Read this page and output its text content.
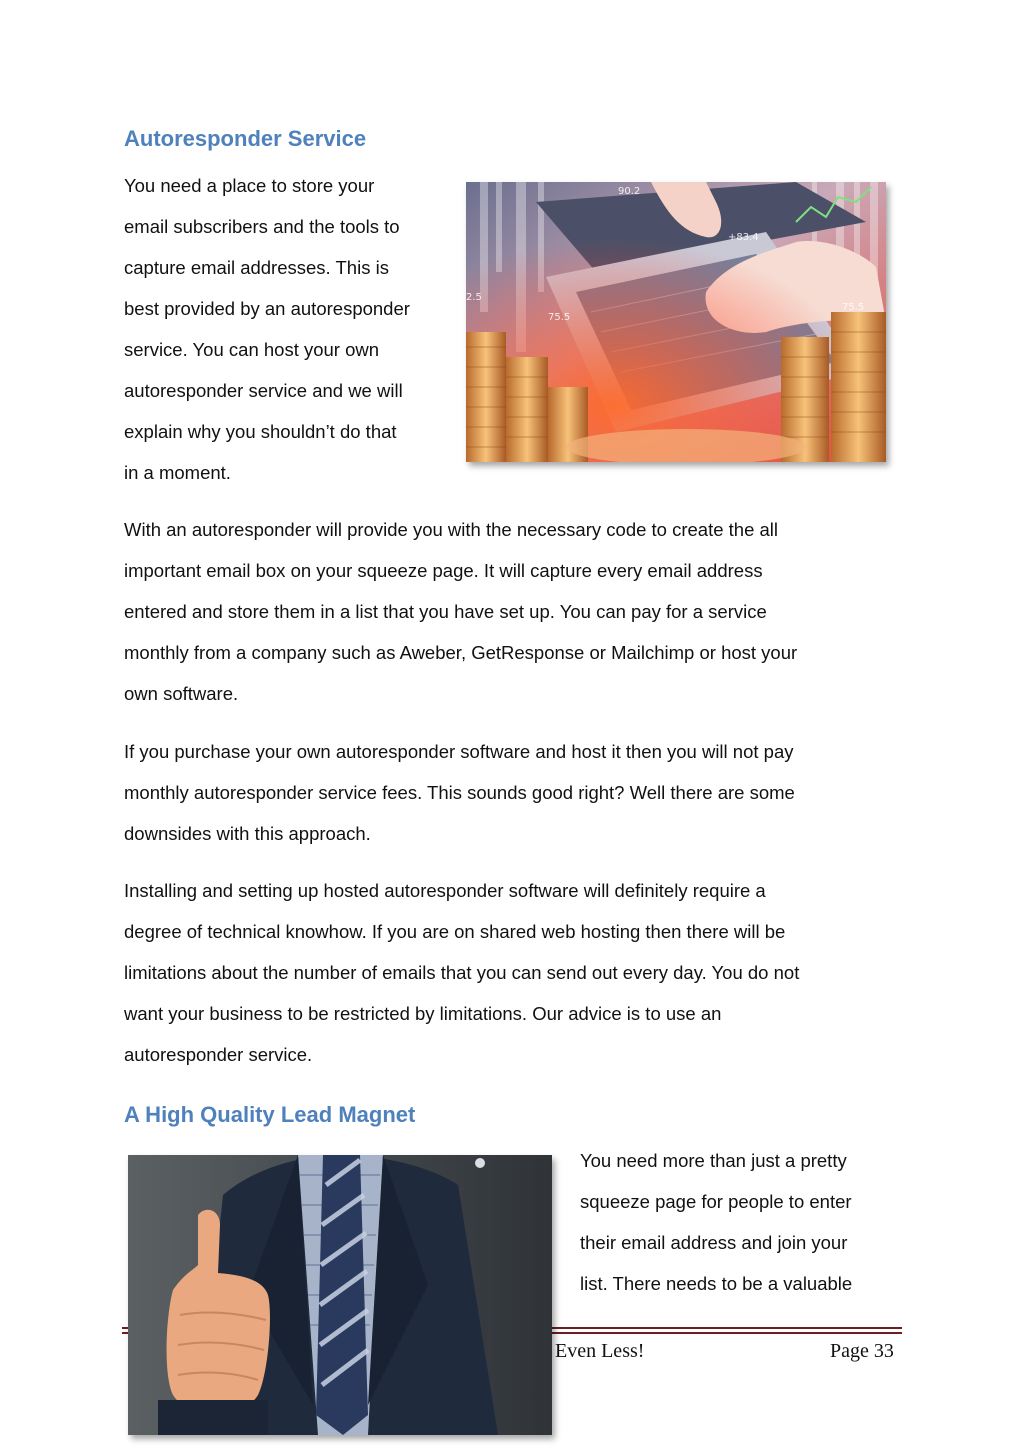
Autoresponder Service

You need a place to store your
email subscribers and the tools to
capture email addresses. This is
best provided by an autoresponder
service. You can host your own
autoresponder service and we will
explain why you shouldn’t do that
in a moment.

90.2
+83.4
75.5
2.5
75.5

With an autoresponder will provide you with the necessary code to create the all
important email box on your squeeze page. It will capture every email address
entered and store them in a list that you have set up. You can pay for a service
monthly from a company such as Aweber, GetResponse or Mailchimp or host your
own software.

If you purchase your own autoresponder software and host it then you will not pay
monthly autoresponder service fees. This sounds good right? Well there are some
downsides with this approach.

Installing and setting up hosted autoresponder software will definitely require a
degree of technical knowhow. If you are on shared web hosting then there will be
limitations about the number of emails that you can send out every day. You do not
want your business to be restricted by limitations. Our advice is to use an
autoresponder service.

A High Quality Lead Magnet

You need more than just a pretty
squeeze page for people to enter
their email address and join your
list. There needs to be a valuable

Even Less!	Page 33
